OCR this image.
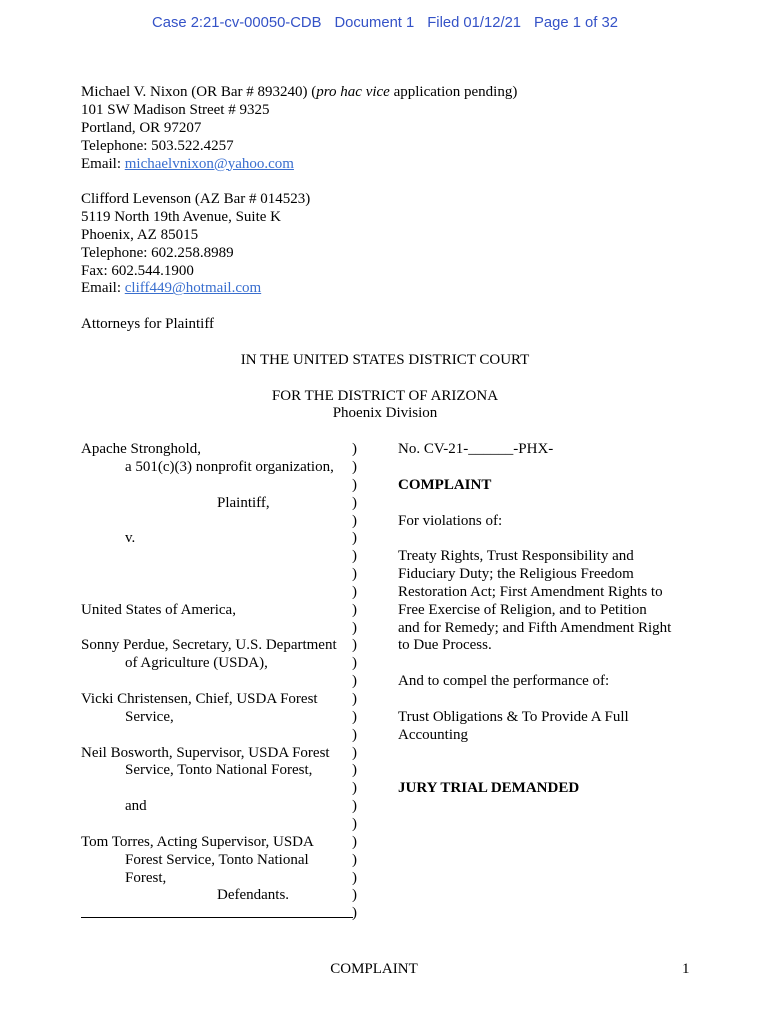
Case 2:21-cv-00050-CDB Document 1 Filed 01/12/21 Page 1 of 32
Michael V. Nixon (OR Bar # 893240) (pro hac vice application pending)
101 SW Madison Street # 9325
Portland, OR 97207
Telephone: 503.522.4257
Email: michaelvnixon@yahoo.com
Clifford Levenson (AZ Bar # 014523)
5119 North 19th Avenue, Suite K
Phoenix, AZ 85015
Telephone: 602.258.8989
Fax: 602.544.1900
Email: cliff449@hotmail.com
Attorneys for Plaintiff
IN THE UNITED STATES DISTRICT COURT
FOR THE DISTRICT OF ARIZONA
Phoenix Division
Apache Stronghold,
a 501(c)(3) nonprofit organization,
Plaintiff,
v.
United States of America,
Sonny Perdue, Secretary, U.S. Department
of Agriculture (USDA),
Vicki Christensen, Chief, USDA Forest
Service,
Neil Bosworth, Supervisor, USDA Forest
Service, Tonto National Forest,
and
Tom Torres, Acting Supervisor, USDA
Forest Service, Tonto National
Forest,
Defendants.
)
)
)
)
)
)
)
)
)
)
)
)
)
)
)
)
)
)
)
)
)
)
)
)
)
)
)
No. CV-21-______-PHX-
COMPLAINT
For violations of:
Treaty Rights, Trust Responsibility and
Fiduciary Duty; the Religious Freedom
Restoration Act; First Amendment Rights to
Free Exercise of Religion, and to Petition
and for Remedy; and Fifth Amendment Right
to Due Process.
And to compel the performance of:
Trust Obligations & To Provide A Full
Accounting
JURY TRIAL DEMANDED
COMPLAINT	1
